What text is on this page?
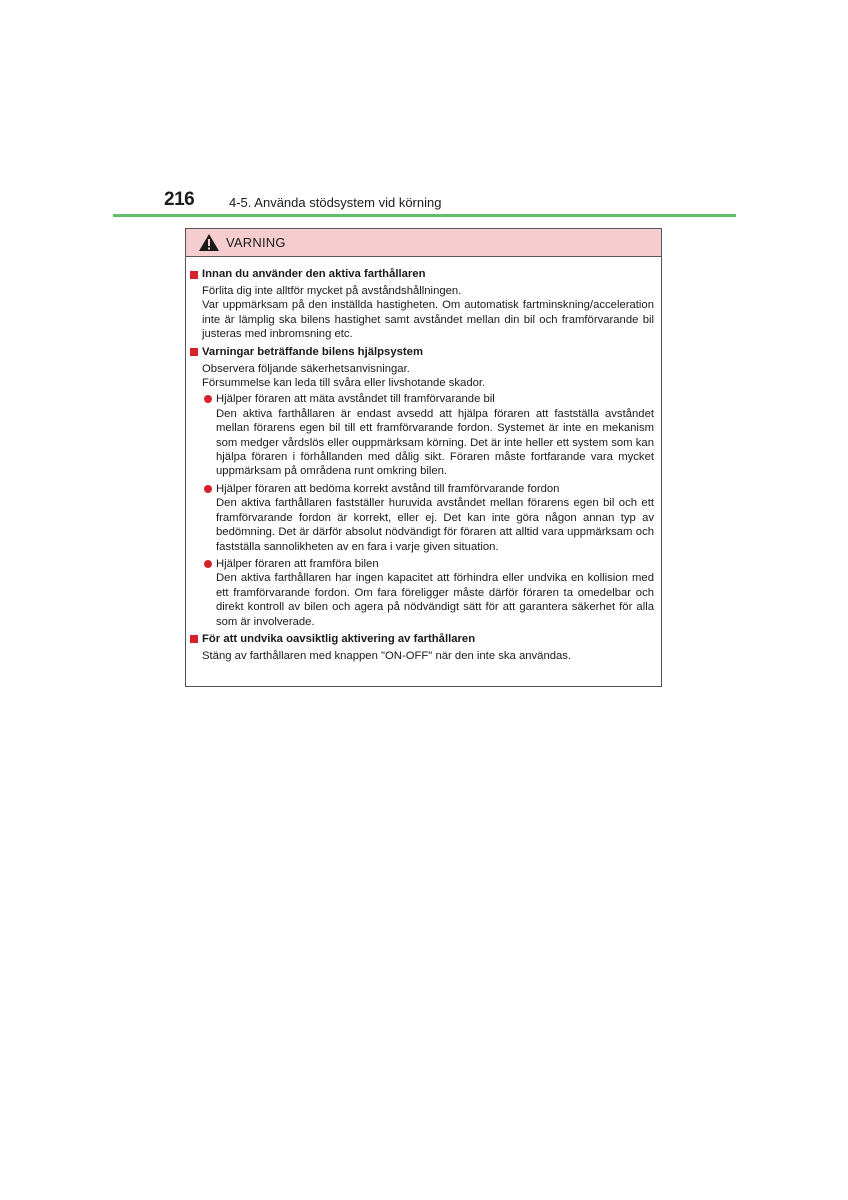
216	4-5. Använda stödsystem vid körning
VARNING
Innan du använder den aktiva farthållaren

Förlita dig inte alltför mycket på avståndshållningen.

Var uppmärksam på den inställda hastigheten. Om automatisk fartminskning/acceleration inte är lämplig ska bilens hastighet samt avståndet mellan din bil och framförvarande bil justeras med inbromsning etc.

Varningar beträffande bilens hjälpsystem

Observera följande säkerhetsanvisningar.

Försummelse kan leda till svåra eller livshotande skador.

Hjälper föraren att mäta avståndet till framförvarande bil

Den aktiva farthållaren är endast avsedd att hjälpa föraren att fastställa avståndet mellan förarens egen bil till ett framförvarande fordon. Systemet är inte en mekanism som medger vårdslös eller ouppmärksam körning. Det är inte heller ett system som kan hjälpa föraren i förhållanden med dålig sikt. Föraren måste fortfarande vara mycket uppmärksam på områdena runt omkring bilen.

Hjälper föraren att bedöma korrekt avstånd till framförvarande fordon

Den aktiva farthållaren fastställer huruvida avståndet mellan förarens egen bil och ett framförvarande fordon är korrekt, eller ej. Det kan inte göra någon annan typ av bedömning. Det är därför absolut nödvändigt för föraren att alltid vara uppmärksam och fastställa sannolikheten av en fara i varje given situation.

Hjälper föraren att framföra bilen

Den aktiva farthållaren har ingen kapacitet att förhindra eller undvika en kollision med ett framförvarande fordon. Om fara föreligger måste därför föraren ta omedelbar och direkt kontroll av bilen och agera på nödvändigt sätt för att garantera säkerhet för alla som är involverade.

För att undvika oavsiktlig aktivering av farthållaren

Stäng av farthållaren med knappen "ON-OFF" när den inte ska användas.
